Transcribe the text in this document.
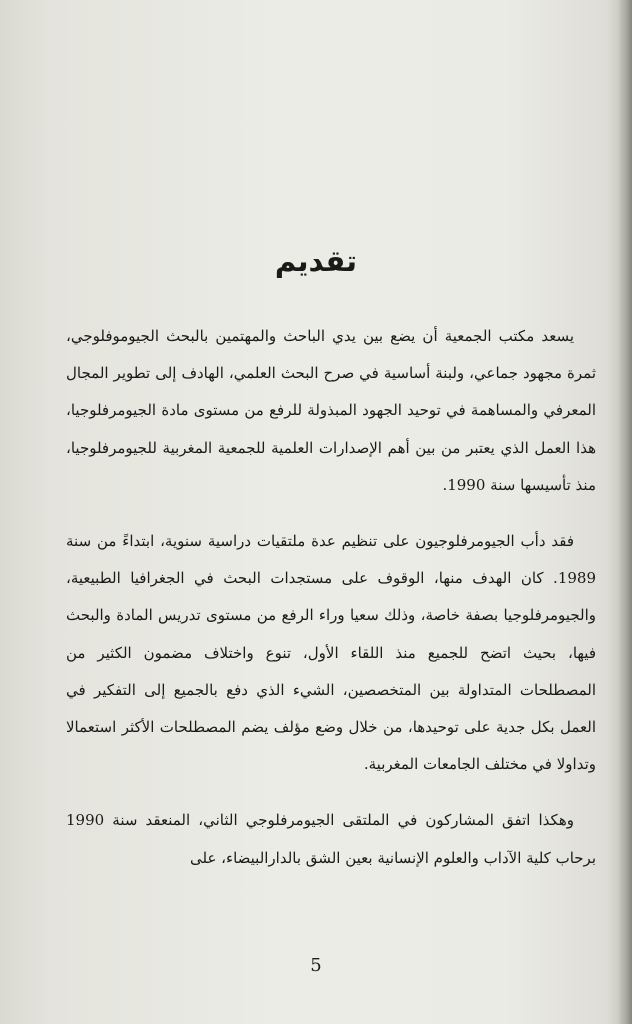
تقديم

يسعد مكتب الجمعية أن يضع بين يدي الباحث والمهتمين بالبحث الجيوموفلوجي، ثمرة مجهود جماعي، ولبنة أساسية في صرح البحث العلمي، الهادف إلى تطوير المجال المعرفي والمساهمة في توحيد الجهود المبذولة للرفع من مستوى مادة الجيومرفلوجيا، هذا العمل الذي يعتبر من بين أهم الإصدارات العلمية للجمعية المغربية للجيومرفلوجيا، منذ تأسيسها سنة 1990.

فقد دأب الجيومرفلوجيون على تنظيم عدة ملتقيات دراسية سنوية، ابتداءً من سنة 1989. كان الهدف منها، الوقوف على مستجدات البحث في الجغرافيا الطبيعية، والجيومرفلوجيا بصفة خاصة، وذلك سعيا وراء الرفع من مستوى تدريس المادة والبحث فيها، بحيث اتضح للجميع منذ اللقاء الأول، تنوع واختلاف مضمون الكثير من المصطلحات المتداولة بين المتخصصين، الشيء الذي دفع بالجميع إلى التفكير في العمل بكل جدية على توحيدها، من خلال وضع مؤلف يضم المصطلحات الأكثر استعمالا وتداولا في مختلف الجامعات المغربية.

وهكذا اتفق المشاركون في الملتقى الجيومرفلوجي الثاني، المنعقد سنة 1990 برحاب كلية الآداب والعلوم الإنسانية بعين الشق بالدارالبيضاء، على

5
